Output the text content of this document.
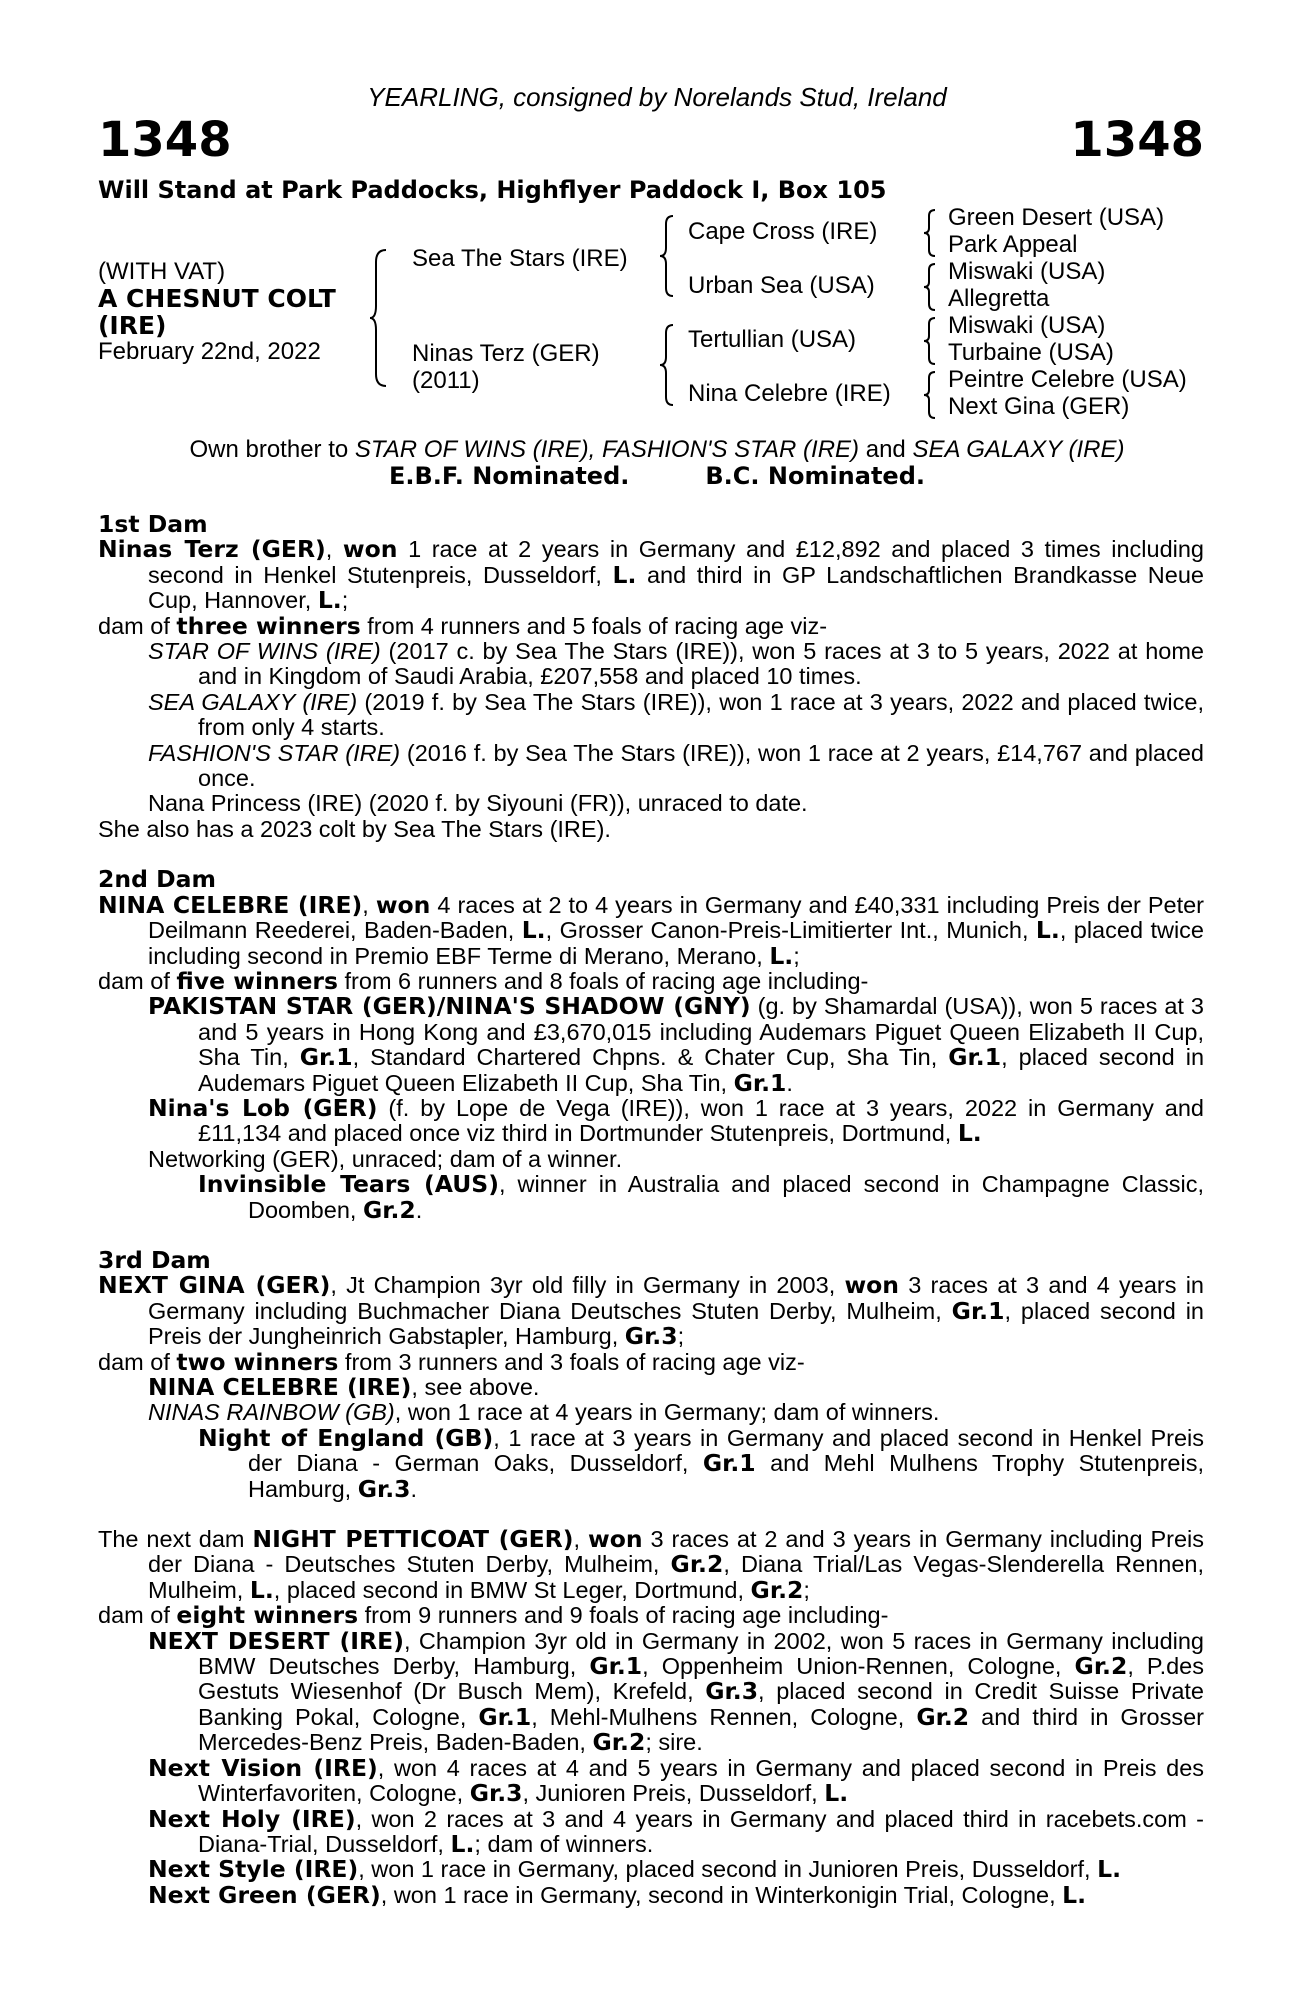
YEARLING, consigned by Norelands Stud, Ireland
1348	1348
Will Stand at Park Paddocks, Highflyer Paddock I, Box 105
(WITH VAT)
A CHESNUT COLT
(IRE)
February 22nd, 2022
Sea The Stars (IRE)
Ninas Terz (GER)
(2011)
Cape Cross (IRE)
Urban Sea (USA)
Tertullian (USA)
Nina Celebre (IRE)
Green Desert (USA)
Park Appeal
Miswaki (USA)
Allegretta
Miswaki (USA)
Turbaine (USA)
Peintre Celebre (USA)
Next Gina (GER)
Own brother to STAR OF WINS (IRE), FASHION'S STAR (IRE) and SEA GALAXY (IRE)
E.B.F. Nominated.	B.C. Nominated.
1st Dam

Ninas Terz (GER), won 1 race at 2 years in Germany and £12,892 and placed 3 times including second in Henkel Stutenpreis, Dusseldorf, L. and third in GP Landschaftlichen Brandkasse Neue Cup, Hannover, L.;

dam of three winners from 4 runners and 5 foals of racing age viz-

STAR OF WINS (IRE) (2017 c. by Sea The Stars (IRE)), won 5 races at 3 to 5 years, 2022 at home and in Kingdom of Saudi Arabia, £207,558 and placed 10 times.

SEA GALAXY (IRE) (2019 f. by Sea The Stars (IRE)), won 1 race at 3 years, 2022 and placed twice, from only 4 starts.

FASHION'S STAR (IRE) (2016 f. by Sea The Stars (IRE)), won 1 race at 2 years, £14,767 and placed once.

Nana Princess (IRE) (2020 f. by Siyouni (FR)), unraced to date.

She also has a 2023 colt by Sea The Stars (IRE).

2nd Dam

NINA CELEBRE (IRE), won 4 races at 2 to 4 years in Germany and £40,331 including Preis der Peter Deilmann Reederei, Baden-Baden, L., Grosser Canon-Preis-Limitierter Int., Munich, L., placed twice including second in Premio EBF Terme di Merano, Merano, L.;

dam of five winners from 6 runners and 8 foals of racing age including-

PAKISTAN STAR (GER)/NINA'S SHADOW (GNY) (g. by Shamardal (USA)), won 5 races at 3 and 5 years in Hong Kong and £3,670,015 including Audemars Piguet Queen Elizabeth II Cup, Sha Tin, Gr.1, Standard Chartered Chpns. & Chater Cup, Sha Tin, Gr.1, placed second in Audemars Piguet Queen Elizabeth II Cup, Sha Tin, Gr.1.

Nina's Lob (GER) (f. by Lope de Vega (IRE)), won 1 race at 3 years, 2022 in Germany and £11,134 and placed once viz third in Dortmunder Stutenpreis, Dortmund, L.

Networking (GER), unraced; dam of a winner.

Invinsible Tears (AUS), winner in Australia and placed second in Champagne Classic, Doomben, Gr.2.

3rd Dam

NEXT GINA (GER), Jt Champion 3yr old filly in Germany in 2003, won 3 races at 3 and 4 years in Germany including Buchmacher Diana Deutsches Stuten Derby, Mulheim, Gr.1, placed second in Preis der Jungheinrich Gabstapler, Hamburg, Gr.3;

dam of two winners from 3 runners and 3 foals of racing age viz-

NINA CELEBRE (IRE), see above.

NINAS RAINBOW (GB), won 1 race at 4 years in Germany; dam of winners.

Night of England (GB), 1 race at 3 years in Germany and placed second in Henkel Preis der Diana - German Oaks, Dusseldorf, Gr.1 and Mehl Mulhens Trophy Stutenpreis, Hamburg, Gr.3.

The next dam NIGHT PETTICOAT (GER), won 3 races at 2 and 3 years in Germany including Preis der Diana - Deutsches Stuten Derby, Mulheim, Gr.2, Diana Trial/Las Vegas-Slenderella Rennen, Mulheim, L., placed second in BMW St Leger, Dortmund, Gr.2;

dam of eight winners from 9 runners and 9 foals of racing age including-

NEXT DESERT (IRE), Champion 3yr old in Germany in 2002, won 5 races in Germany including BMW Deutsches Derby, Hamburg, Gr.1, Oppenheim Union-Rennen, Cologne, Gr.2, P.des Gestuts Wiesenhof (Dr Busch Mem), Krefeld, Gr.3, placed second in Credit Suisse Private Banking Pokal, Cologne, Gr.1, Mehl-Mulhens Rennen, Cologne, Gr.2 and third in Grosser Mercedes-Benz Preis, Baden-Baden, Gr.2; sire.

Next Vision (IRE), won 4 races at 4 and 5 years in Germany and placed second in Preis des Winterfavoriten, Cologne, Gr.3, Junioren Preis, Dusseldorf, L.

Next Holy (IRE), won 2 races at 3 and 4 years in Germany and placed third in racebets.com - Diana-Trial, Dusseldorf, L.; dam of winners.

Next Style (IRE), won 1 race in Germany, placed second in Junioren Preis, Dusseldorf, L.

Next Green (GER), won 1 race in Germany, second in Winterkonigin Trial, Cologne, L.
